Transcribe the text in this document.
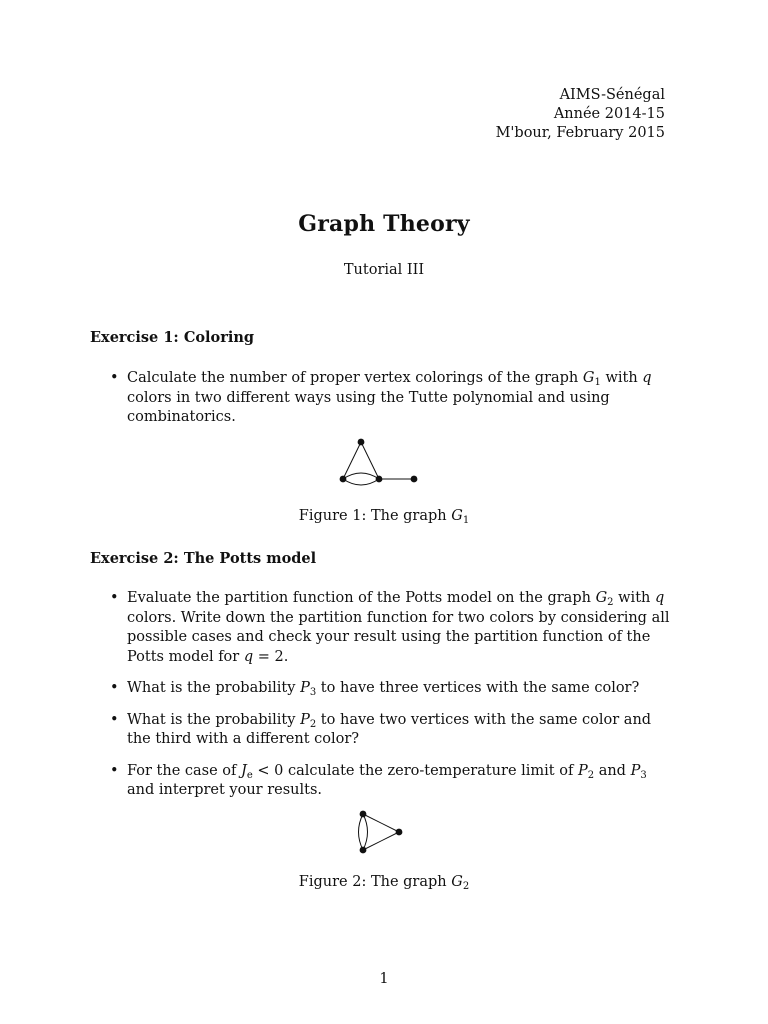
AIMS-Sénégal
Année 2014-15
M'bour, February 2015
Graph Theory
Tutorial III
Exercise 1: Coloring
• Calculate the number of proper vertex colorings of the graph $G_1$ with q colors in two different ways using the Tutte polynomial and using combinatorics.
Figure 1: The graph $G_1$
Exercise 2: The Potts model
• Evaluate the partition function of the Potts model on the graph $G_2$ with q colors. Write down the partition function for two colors by considering all possible cases and check your result using the partition function of the Potts model for q = 2.
• What is the probability $P_3$ to have three vertices with the same color?
• What is the probability $P_2$ to have two vertices with the same color and the third with a different color?
• For the case of $J_e < 0$ calculate the zero-temperature limit of $P_2$ and $P_3$ and interpret your results.
Figure 2: The graph $G_2$
1
